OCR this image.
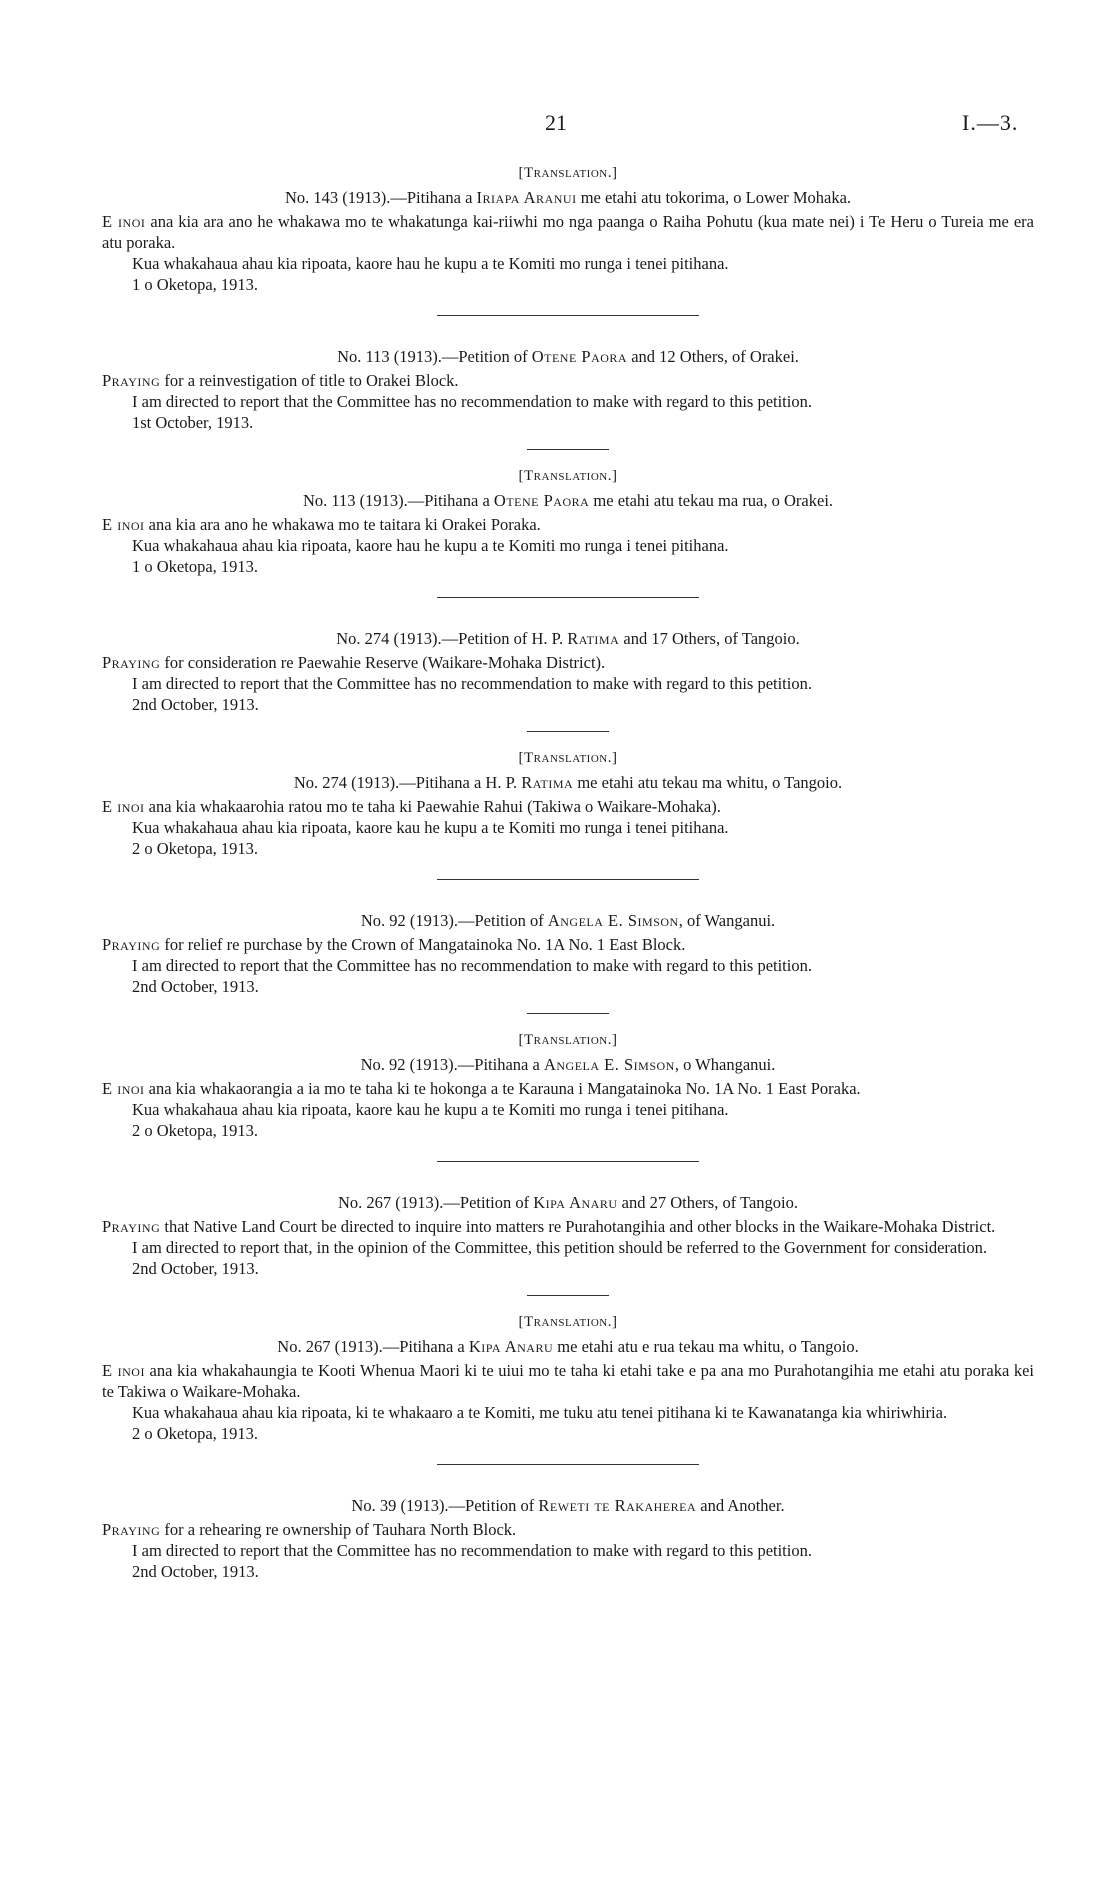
21	I.—3.

[Translation.]

No. 143 (1913).—Pitihana a Iriapa Aranui me etahi atu tokorima, o Lower Mohaka.

E inoi ana kia ara ano he whakawa mo te whakatunga kai-riiwhi mo nga paanga o Raiha Pohutu (kua mate nei) i Te Heru o Tureia me era atu poraka.

Kua whakahaua ahau kia ripoata, kaore hau he kupu a te Komiti mo runga i tenei pitihana.

1 o Oketopa, 1913.

No. 113 (1913).—Petition of Otene Paora and 12 Others, of Orakei.

Praying for a reinvestigation of title to Orakei Block.

I am directed to report that the Committee has no recommendation to make with regard to this petition.

1st October, 1913.

[Translation.]

No. 113 (1913).—Pitihana a Otene Paora me etahi atu tekau ma rua, o Orakei.

E inoi ana kia ara ano he whakawa mo te taitara ki Orakei Poraka.

Kua whakahaua ahau kia ripoata, kaore hau he kupu a te Komiti mo runga i tenei pitihana.

1 o Oketopa, 1913.

No. 274 (1913).—Petition of H. P. Ratima and 17 Others, of Tangoio.

Praying for consideration re Paewahie Reserve (Waikare-Mohaka District).

I am directed to report that the Committee has no recommendation to make with regard to this petition.

2nd October, 1913.

[Translation.]

No. 274 (1913).—Pitihana a H. P. Ratima me etahi atu tekau ma whitu, o Tangoio.

E inoi ana kia whakaarohia ratou mo te taha ki Paewahie Rahui (Takiwa o Waikare-Mohaka).

Kua whakahaua ahau kia ripoata, kaore kau he kupu a te Komiti mo runga i tenei pitihana.

2 o Oketopa, 1913.

No. 92 (1913).—Petition of Angela E. Simson, of Wanganui.

Praying for relief re purchase by the Crown of Mangatainoka No. 1A No. 1 East Block.

I am directed to report that the Committee has no recommendation to make with regard to this petition.

2nd October, 1913.

[Translation.]

No. 92 (1913).—Pitihana a Angela E. Simson, o Whanganui.

E inoi ana kia whakaorangia a ia mo te taha ki te hokonga a te Karauna i Mangatainoka No. 1A No. 1 East Poraka.

Kua whakahaua ahau kia ripoata, kaore kau he kupu a te Komiti mo runga i tenei pitihana.

2 o Oketopa, 1913.

No. 267 (1913).—Petition of Kipa Anaru and 27 Others, of Tangoio.

Praying that Native Land Court be directed to inquire into matters re Purahotangihia and other blocks in the Waikare-Mohaka District.

I am directed to report that, in the opinion of the Committee, this petition should be referred to the Government for consideration.

2nd October, 1913.

[Translation.]

No. 267 (1913).—Pitihana a Kipa Anaru me etahi atu e rua tekau ma whitu, o Tangoio.

E inoi ana kia whakahaungia te Kooti Whenua Maori ki te uiui mo te taha ki etahi take e pa ana mo Purahotangihia me etahi atu poraka kei te Takiwa o Waikare-Mohaka.

Kua whakahaua ahau kia ripoata, ki te whakaaro a te Komiti, me tuku atu tenei pitihana ki te Kawanatanga kia whiriwhiria.

2 o Oketopa, 1913.

No. 39 (1913).—Petition of Reweti te Rakaherea and Another.

Praying for a rehearing re ownership of Tauhara North Block.

I am directed to report that the Committee has no recommendation to make with regard to this petition.

2nd October, 1913.
